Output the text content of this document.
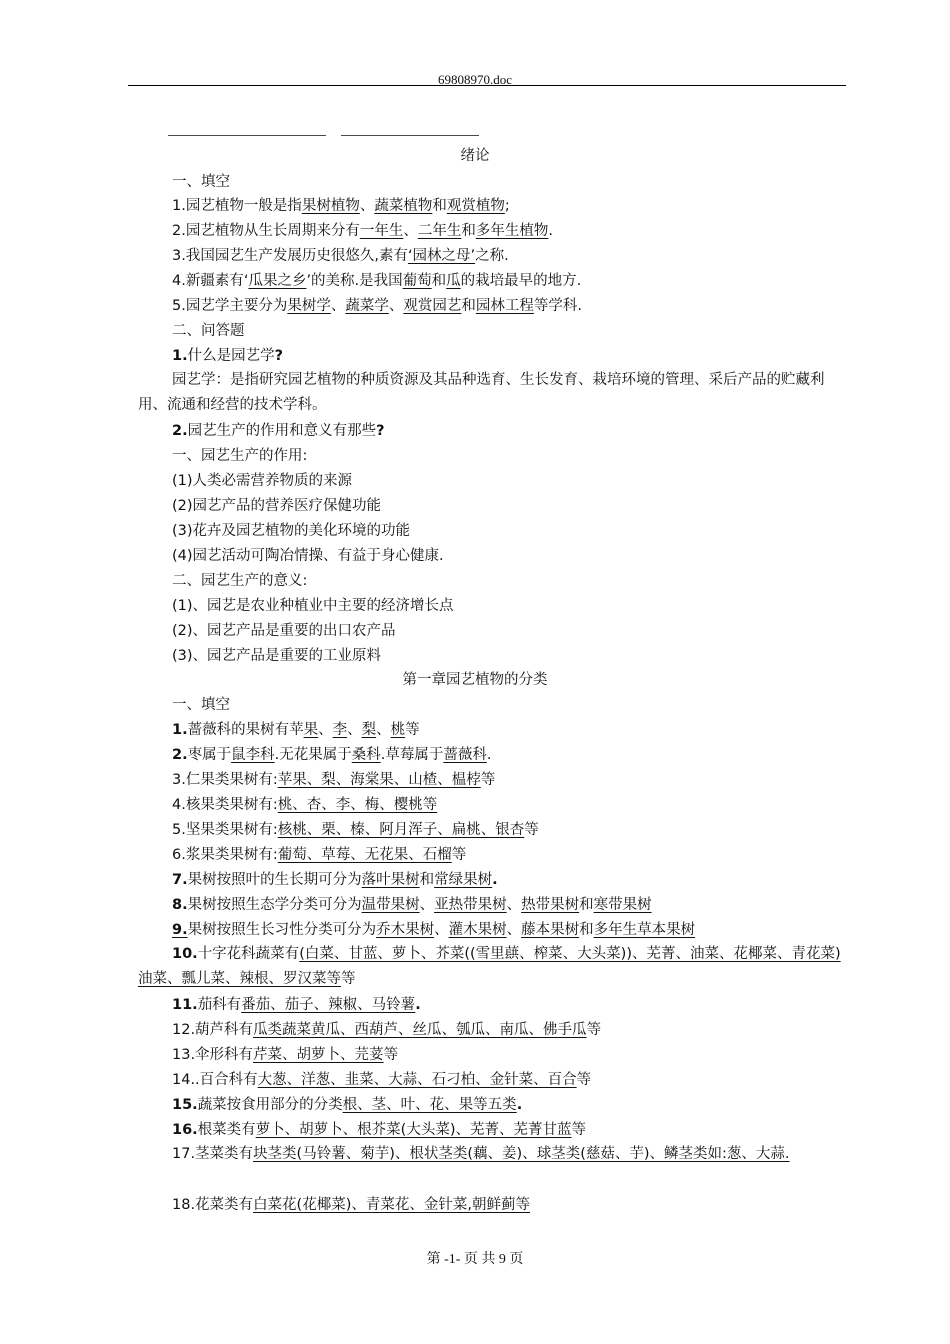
69808970.doc
绪论
一、填空
1.园艺植物一般是指果树植物、蔬菜植物和观赏植物;
2.园艺植物从生长周期来分有一年生、二年生和多年生植物.
3.我国园艺生产发展历史很悠久,素有‘园林之母’之称.
4.新疆素有‘瓜果之乡’的美称.是我国葡萄和瓜的栽培最早的地方.
5.园艺学主要分为果树学、蔬菜学、观赏园艺和园林工程等学科.
二、问答题
1.什么是园艺学?
园艺学：是指研究园艺植物的种质资源及其品种选育、生长发育、栽培环境的管理、采后产品的贮藏利用、流通和经营的技术学科。
2.园艺生产的作用和意义有那些?
一、园艺生产的作用:
(1)人类必需营养物质的来源
(2)园艺产品的营养医疗保健功能
(3)花卉及园艺植物的美化环境的功能
(4)园艺活动可陶冶情操、有益于身心健康.
二、园艺生产的意义:
(1)、园艺是农业种植业中主要的经济增长点
(2)、园艺产品是重要的出口农产品
(3)、园艺产品是重要的工业原料
第一章园艺植物的分类
一、填空
1.蔷薇科的果树有苹果、李、梨、桃等
2.枣属于鼠李科.无花果属于桑科.草莓属于蔷薇科.
3.仁果类果树有:苹果、梨、海棠果、山楂、榅桲等
4.核果类果树有:桃、杏、李、梅、樱桃等
5.坚果类果树有:核桃、栗、榛、阿月浑子、扁桃、银杏等
6.浆果类果树有:葡萄、草莓、无花果、石榴等
7.果树按照叶的生长期可分为落叶果树和常绿果树.
8.果树按照生态学分类可分为温带果树、亚热带果树、热带果树和寒带果树
9.果树按照生长习性分类可分为乔木果树、灌木果树、藤本果树和多年生草本果树
10.十字花科蔬菜有(白菜、甘蓝、萝卜、芥菜((雪里蕻、榨菜、大头菜))、芜菁、油菜、花椰菜、青花菜)油菜、瓢儿菜、辣根、罗汉菜等等
11.茄科有番茄、茄子、辣椒、马铃薯.
12.葫芦科有瓜类蔬菜黄瓜、西葫芦、丝瓜、瓠瓜、南瓜、佛手瓜等
13.伞形科有芹菜、胡萝卜、芫荽等
14..百合科有大葱、洋葱、韭菜、大蒜、石刁柏、金针菜、百合等
15.蔬菜按食用部分的分类根、茎、叶、花、果等五类.
16.根菜类有萝卜、胡萝卜、根芥菜(大头菜)、芜菁、芜菁甘蓝等
17.茎菜类有块茎类(马铃薯、菊芋)、根状茎类(藕、姜)、球茎类(慈菇、芋)、鳞茎类如:葱、大蒜.
18.花菜类有白菜花(花椰菜)、青菜花、金针菜,朝鲜蓟等
第 -1- 页 共 9 页
